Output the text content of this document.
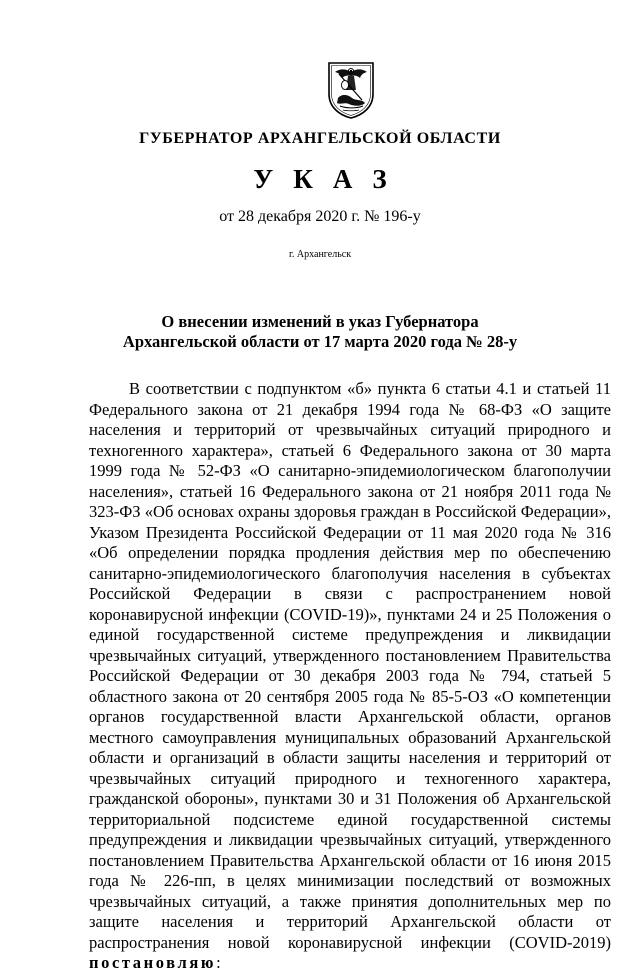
ГУБЕРНАТОР АРХАНГЕЛЬСКОЙ ОБЛАСТИ
У К А З
от 28 декабря 2020 г. № 196-у
г. Архангельск
О внесении изменений в указ Губернатора
Архангельской области от 17 марта 2020 года № 28-у

В соответствии с подпунктом «б» пункта 6 статьи 4.1 и статьей 11 Федерального закона от 21 декабря 1994 года № 68-ФЗ «О защите населения и территорий от чрезвычайных ситуаций природного и техногенного характера», статьей 6 Федерального закона от 30 марта 1999 года № 52-ФЗ «О санитарно-эпидемиологическом благополучии населения», статьей 16 Федерального закона от 21 ноября 2011 года № 323-ФЗ «Об основах охраны здоровья граждан в Российской Федерации», Указом Президента Российской Федерации от 11 мая 2020 года № 316 «Об определении порядка продления действия мер по обеспечению санитарно-эпидемиологического благополучия населения в субъектах Российской Федерации в связи с распространением новой коронавирусной инфекции (COVID-19)», пунктами 24 и 25 Положения о единой государственной системе предупреждения и ликвидации чрезвычайных ситуаций, утвержденного постановлением Правительства Российской Федерации от 30 декабря 2003 года № 794, статьей 5 областного закона от 20 сентября 2005 года № 85-5-ОЗ «О компетенции органов государственной власти Архангельской области, органов местного самоуправления муниципальных образований Архангельской области и организаций в области защиты населения и территорий от чрезвычайных ситуаций природного и техногенного характера, гражданской обороны», пунктами 30 и 31 Положения об Архангельской территориальной подсистеме единой государственной системы предупреждения и ликвидации чрезвычайных ситуаций, утвержденного постановлением Правительства Архангельской области от 16 июня 2015 года № 226-пп, в целях минимизации последствий от возможных чрезвычайных ситуаций, а также принятия дополнительных мер по защите населения и территорий Архангельской области от распространения новой коронавирусной инфекции (COVID-2019) постановляю:
